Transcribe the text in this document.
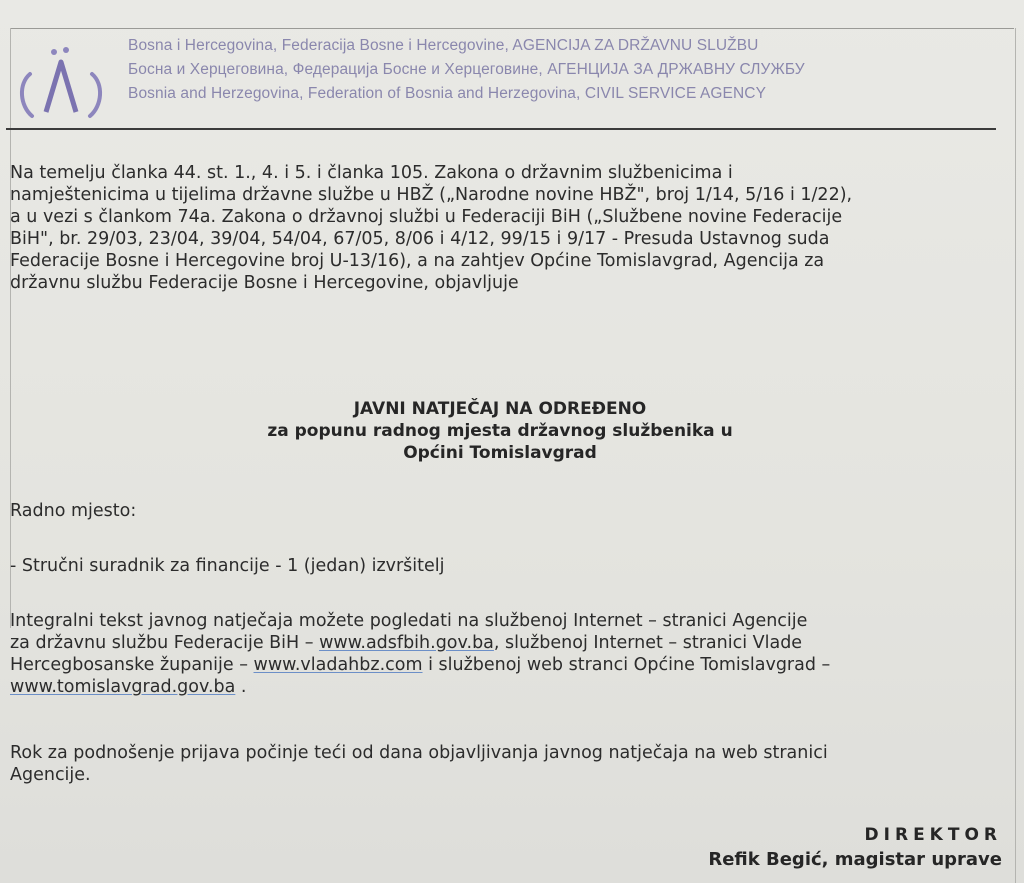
Bosna i Hercegovina, Federacija Bosne i Hercegovine, AGENCIJA ZA DRŽAVNU SLUŽBU
Босна и Херцеговина, Федерација Босне и Херцеговине, АГЕНЦИЈА ЗА ДРЖАВНУ СЛУЖБУ
Bosnia and Herzegovina, Federation of Bosnia and Herzegovina, CIVIL SERVICE AGENCY
Na temelju članka 44. st. 1., 4. i 5. i članka 105. Zakona o državnim službenicima i
namještenicima u tijelima državne službe u HBŽ („Narodne novine HBŽ", broj 1/14, 5/16 i 1/22),
a u vezi s člankom 74a. Zakona o državnoj službi u Federaciji BiH („Službene novine Federacije
BiH", br. 29/03, 23/04, 39/04, 54/04, 67/05, 8/06 i 4/12, 99/15 i 9/17 - Presuda Ustavnog suda
Federacije Bosne i Hercegovine broj U-13/16), a na zahtjev Općine Tomislavgrad, Agencija za
državnu službu Federacije Bosne i Hercegovine, objavljuje
JAVNI NATJEČAJ NA ODREĐENO
za popunu radnog mjesta državnog službenika u
Općini Tomislavgrad
Radno mjesto:
- Stručni suradnik za financije - 1 (jedan) izvršitelj
Integralni tekst javnog natječaja možete pogledati na službenoj Internet – stranici Agencije
za državnu službu Federacije BiH – www.adsfbih.gov.ba, službenoj Internet – stranici Vlade
Hercegbosanske županije – www.vladahbz.com i službenoj web stranci Općine Tomislavgrad –
www.tomislavgrad.gov.ba .
Rok za podnošenje prijava počinje teći od dana objavljivanja javnog natječaja na web stranici
Agencije.
DIREKTOR
Refik Begić, magistar uprave
